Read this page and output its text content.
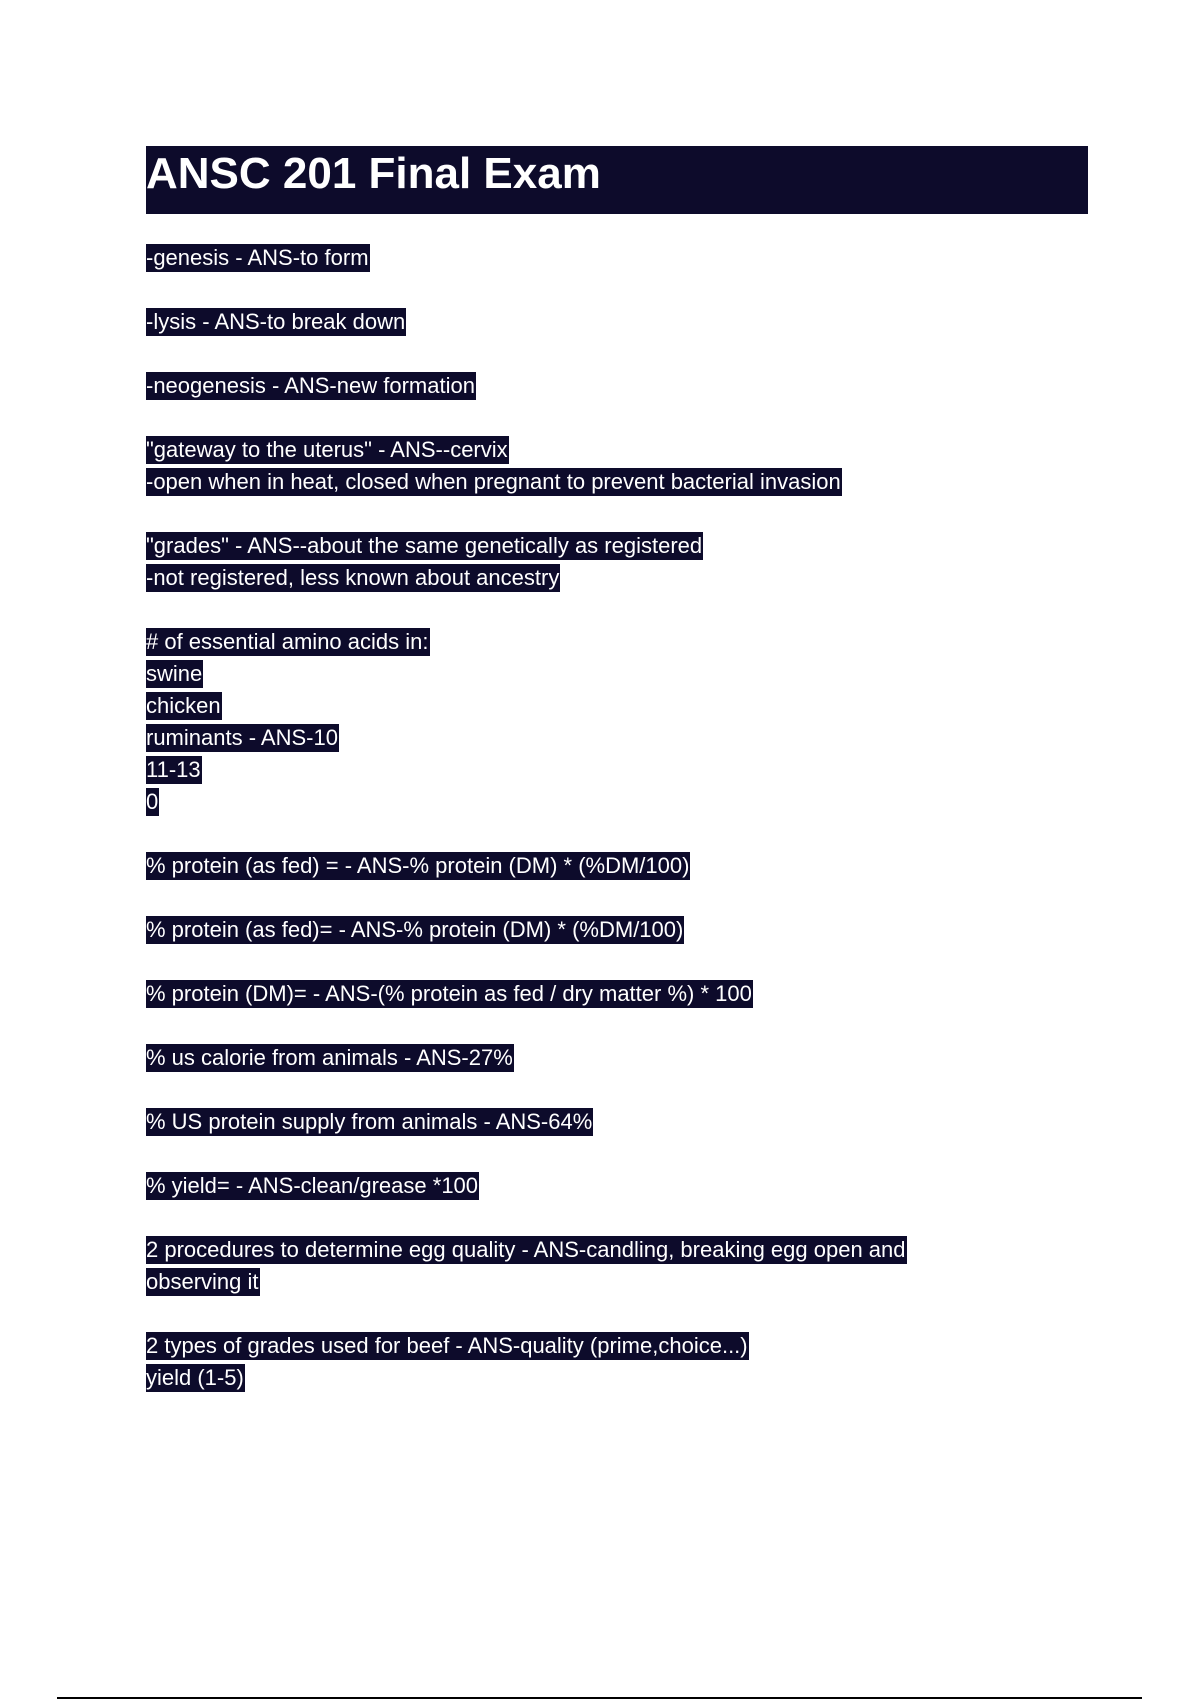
ANSC 201 Final Exam
-genesis - ANS-to form
-lysis - ANS-to break down
-neogenesis - ANS-new formation
"gateway to the uterus" - ANS--cervix
-open when in heat, closed when pregnant to prevent bacterial invasion
"grades" - ANS--about the same genetically as registered
-not registered, less known about ancestry
# of essential amino acids in:
swine
chicken
ruminants - ANS-10
11-13
0
% protein (as fed) = - ANS-% protein (DM) * (%DM/100)
% protein (as fed)= - ANS-% protein (DM) * (%DM/100)
% protein (DM)= - ANS-(% protein as fed / dry matter %) * 100
% us calorie from animals - ANS-27%
% US protein supply from animals - ANS-64%
% yield= - ANS-clean/grease *100
2 procedures to determine egg quality - ANS-candling, breaking egg open and
observing it
2 types of grades used for beef - ANS-quality (prime,choice...)
yield (1-5)
